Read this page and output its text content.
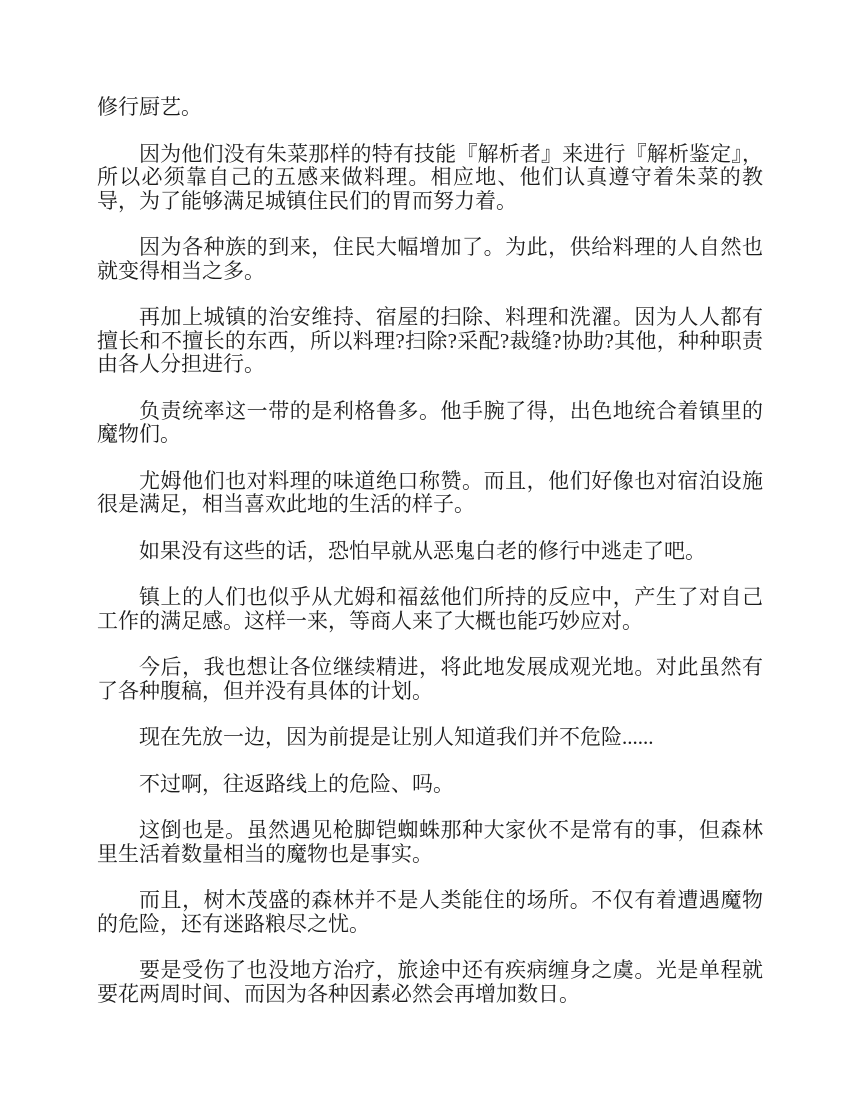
修行厨艺。

因为他们没有朱菜那样的特有技能『解析者』来进行『解析鉴定』，所以必须靠自己的五感来做料理。相应地、他们认真遵守着朱菜的教导，为了能够满足城镇住民们的胃而努力着。

因为各种族的到来，住民大幅增加了。为此，供给料理的人自然也就变得相当之多。

再加上城镇的治安维持、宿屋的扫除、料理和洗濯。因为人人都有擅长和不擅长的东西，所以料理?扫除?采配?裁缝?协助?其他，种种职责由各人分担进行。

负责统率这一带的是利格鲁多。他手腕了得，出色地统合着镇里的魔物们。

尤姆他们也对料理的味道绝口称赞。而且，他们好像也对宿泊设施很是满足，相当喜欢此地的生活的样子。

如果没有这些的话，恐怕早就从恶鬼白老的修行中逃走了吧。

镇上的人们也似乎从尤姆和福兹他们所持的反应中，产生了对自己工作的满足感。这样一来，等商人来了大概也能巧妙应对。

今后，我也想让各位继续精进，将此地发展成观光地。对此虽然有了各种腹稿，但并没有具体的计划。

现在先放一边，因为前提是让别人知道我们并不危险......

不过啊，往返路线上的危险、吗。

这倒也是。虽然遇见枪脚铠蜘蛛那种大家伙不是常有的事，但森林里生活着数量相当的魔物也是事实。

而且，树木茂盛的森林并不是人类能住的场所。不仅有着遭遇魔物的危险，还有迷路粮尽之忧。

要是受伤了也没地方治疗，旅途中还有疾病缠身之虞。光是单程就要花两周时间、而因为各种因素必然会再增加数日。
